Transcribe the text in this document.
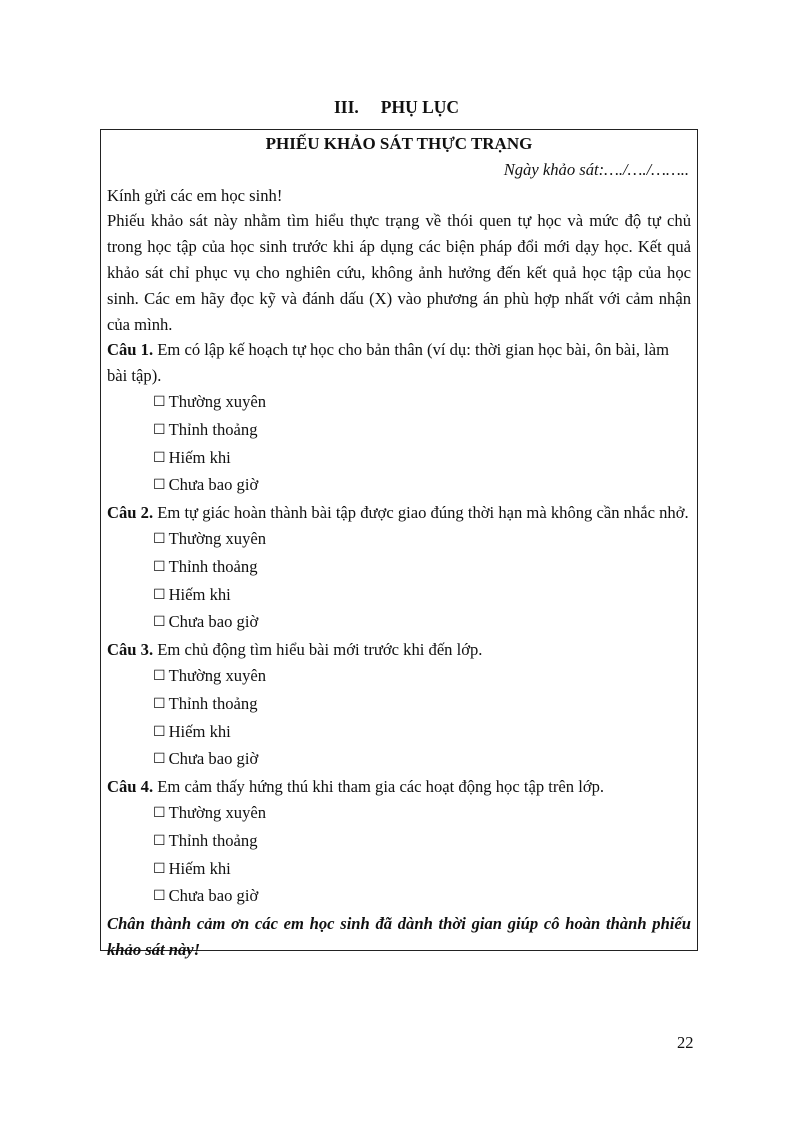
III. PHỤ LỤC
PHIẾU KHẢO SÁT THỰC TRẠNG
Ngày khảo sát:…./…./……..

Kính gửi các em học sinh!

Phiếu khảo sát này nhằm tìm hiểu thực trạng về thói quen tự học và mức độ tự chủ trong học tập của học sinh trước khi áp dụng các biện pháp đổi mới dạy học. Kết quả khảo sát chỉ phục vụ cho nghiên cứu, không ảnh hưởng đến kết quả học tập của học sinh. Các em hãy đọc kỹ và đánh dấu (X) vào phương án phù hợp nhất với cảm nhận của mình.

Câu 1. Em có lập kế hoạch tự học cho bản thân (ví dụ: thời gian học bài, ôn bài, làm bài tập).

☐ Thường xuyên
☐ Thỉnh thoảng
☐ Hiếm khi
☐ Chưa bao giờ

Câu 2. Em tự giác hoàn thành bài tập được giao đúng thời hạn mà không cần nhắc nhở.

☐ Thường xuyên
☐ Thỉnh thoảng
☐ Hiếm khi
☐ Chưa bao giờ

Câu 3. Em chủ động tìm hiểu bài mới trước khi đến lớp.

☐ Thường xuyên
☐ Thỉnh thoảng
☐ Hiếm khi
☐ Chưa bao giờ

Câu 4. Em cảm thấy hứng thú khi tham gia các hoạt động học tập trên lớp.

☐ Thường xuyên
☐ Thỉnh thoảng
☐ Hiếm khi
☐ Chưa bao giờ

Chân thành cảm ơn các em học sinh đã dành thời gian giúp cô hoàn thành phiếu khảo sát này!

22
